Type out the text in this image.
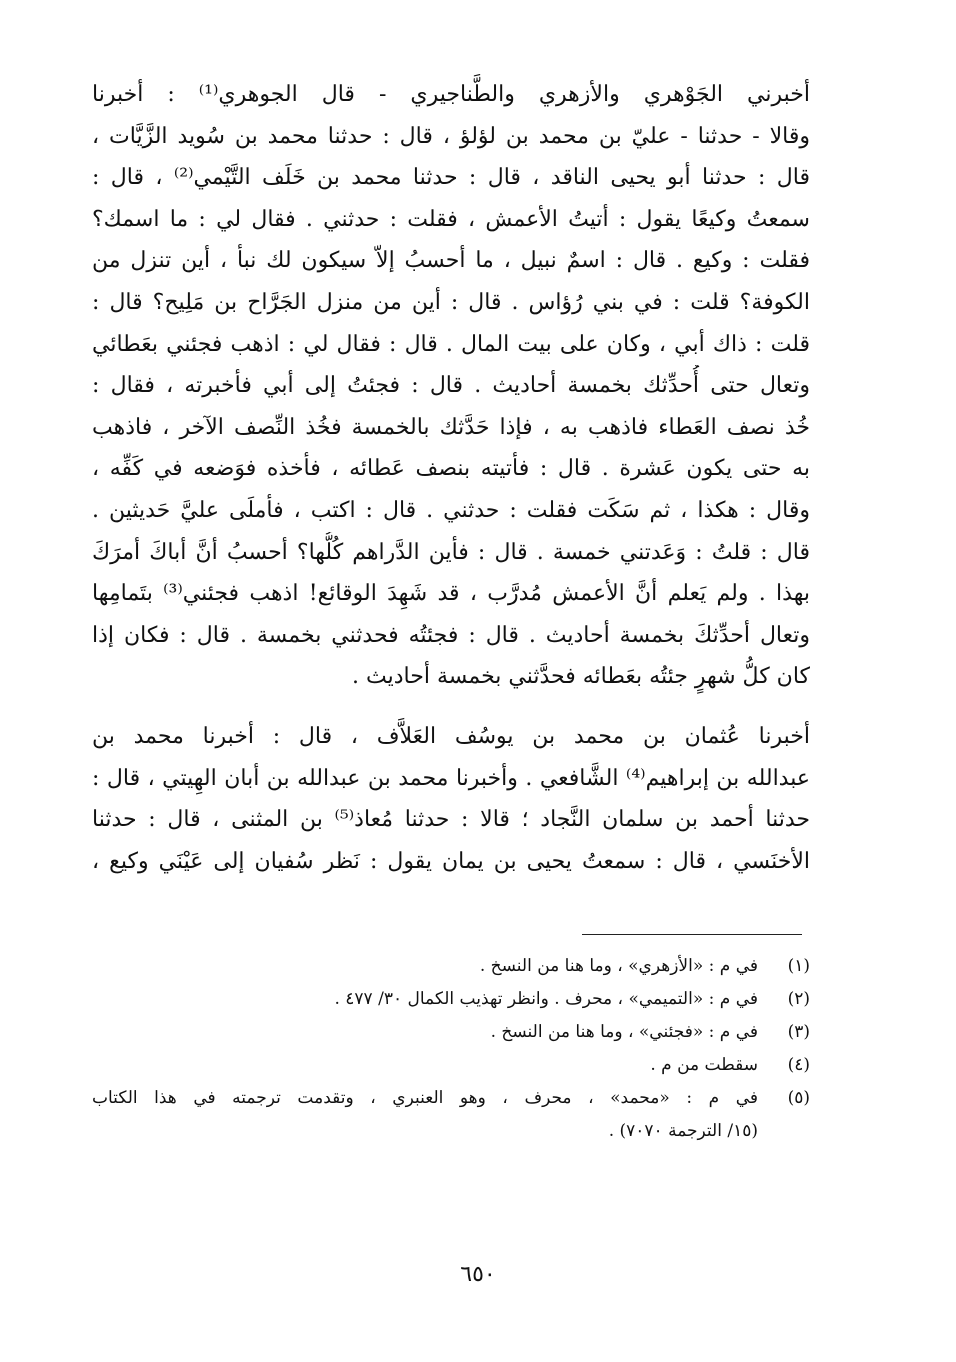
أخبرني الجَوْهري والأزهري والطَّناجيري - قال الجوهري⁽¹⁾ : أخبرنا
وقالا - حدثنا - عليّ بن محمد بن لؤلؤ ، قال : حدثنا محمد بن سُويد الزَّيَّات ،
قال : حدثنا أبو يحيى الناقد ، قال : حدثنا محمد بن خَلَف التَّيْمي⁽²⁾ ، قال :
سمعتُ وكيعًا يقول : أتيتُ الأعمش ، فقلت : حدثني . فقال لي : ما اسمك؟
فقلت : وكيع . قال : اسمٌ نبيل ، ما أحسبُ إلاّ سيكون لك نبأ ، أين تنزل من
الكوفة؟ قلت : في بني رُؤاس . قال : أين من منزل الجَرَّاح بن مَلِيح؟ قال :
قلت : ذاك أبي ، وكان على بيت المال . قال : فقال لي : اذهب فجئني بعَطائي
وتعال حتى أُحدِّثك بخمسة أحاديث . قال : فجئتُ إلى أبي فأخبرته ، فقال :
خُذ نصف العَطاء فاذهب به ، فإذا حَدَّثك بالخمسة فخُذ النِّصف الآخر ، فاذهب
به حتى يكون عَشرة . قال : فأتيته بنصف عَطائه ، فأخذه فوَضعه في كَفِّه ،
وقال : هكذا ، ثم سَكَت فقلت : حدثني . قال : اكتب ، فأملَى عليَّ حَديثين .
قال : قلتُ : وَعَدتني خمسة . قال : فأين الدَّراهم كُلُّها؟ أحسبُ أنَّ أباكَ أمرَكَ
بهذا . ولم يَعلم أنَّ الأعمش مُدرَّب ، قد شَهِدَ الوقائع! اذهب فجئني⁽³⁾ بتَمامِها
وتعال أحدِّثكَ بخمسة أحاديث . قال : فجئتُه فحدثني بخمسة . قال : فكان إذا
كان كلُّ شهرٍ جئتُه بعَطائه فحدَّثني بخمسة أحاديث .
أخبرنا عُثمان بن محمد بن يوسُف العَلاَّف ، قال : أخبرنا محمد بن
عبدالله بن إبراهيم⁽⁴⁾ الشَّافعي . وأخبرنا محمد بن عبدالله بن أبان الهِيتي ، قال :
حدثنا أحمد بن سلمان النَّجاد ؛ قالا : حدثنا مُعاذ⁽⁵⁾ بن المثنى ، قال : حدثنا
الأخنَسي ، قال : سمعتُ يحيى بن يمان يقول : نَظر سُفيان إلى عَيْنَي وكيع ،
(١)
في م : «الأزهري» ، وما هنا من النسخ .
(٢)
في م : «التميمي» ، محرف . وانظر تهذيب الكمال ٣٠/ ٤٧٧ .
(٣)
في م : «فجئني» ، وما هنا من النسخ .
(٤)
سقطت من م .
(٥)
في م : «محمد» ، محرف ، وهو العنبري ، وتقدمت ترجمته في هذا الكتاب
(١٥/ الترجمة ٧٠٧٠) .
٦٥٠
